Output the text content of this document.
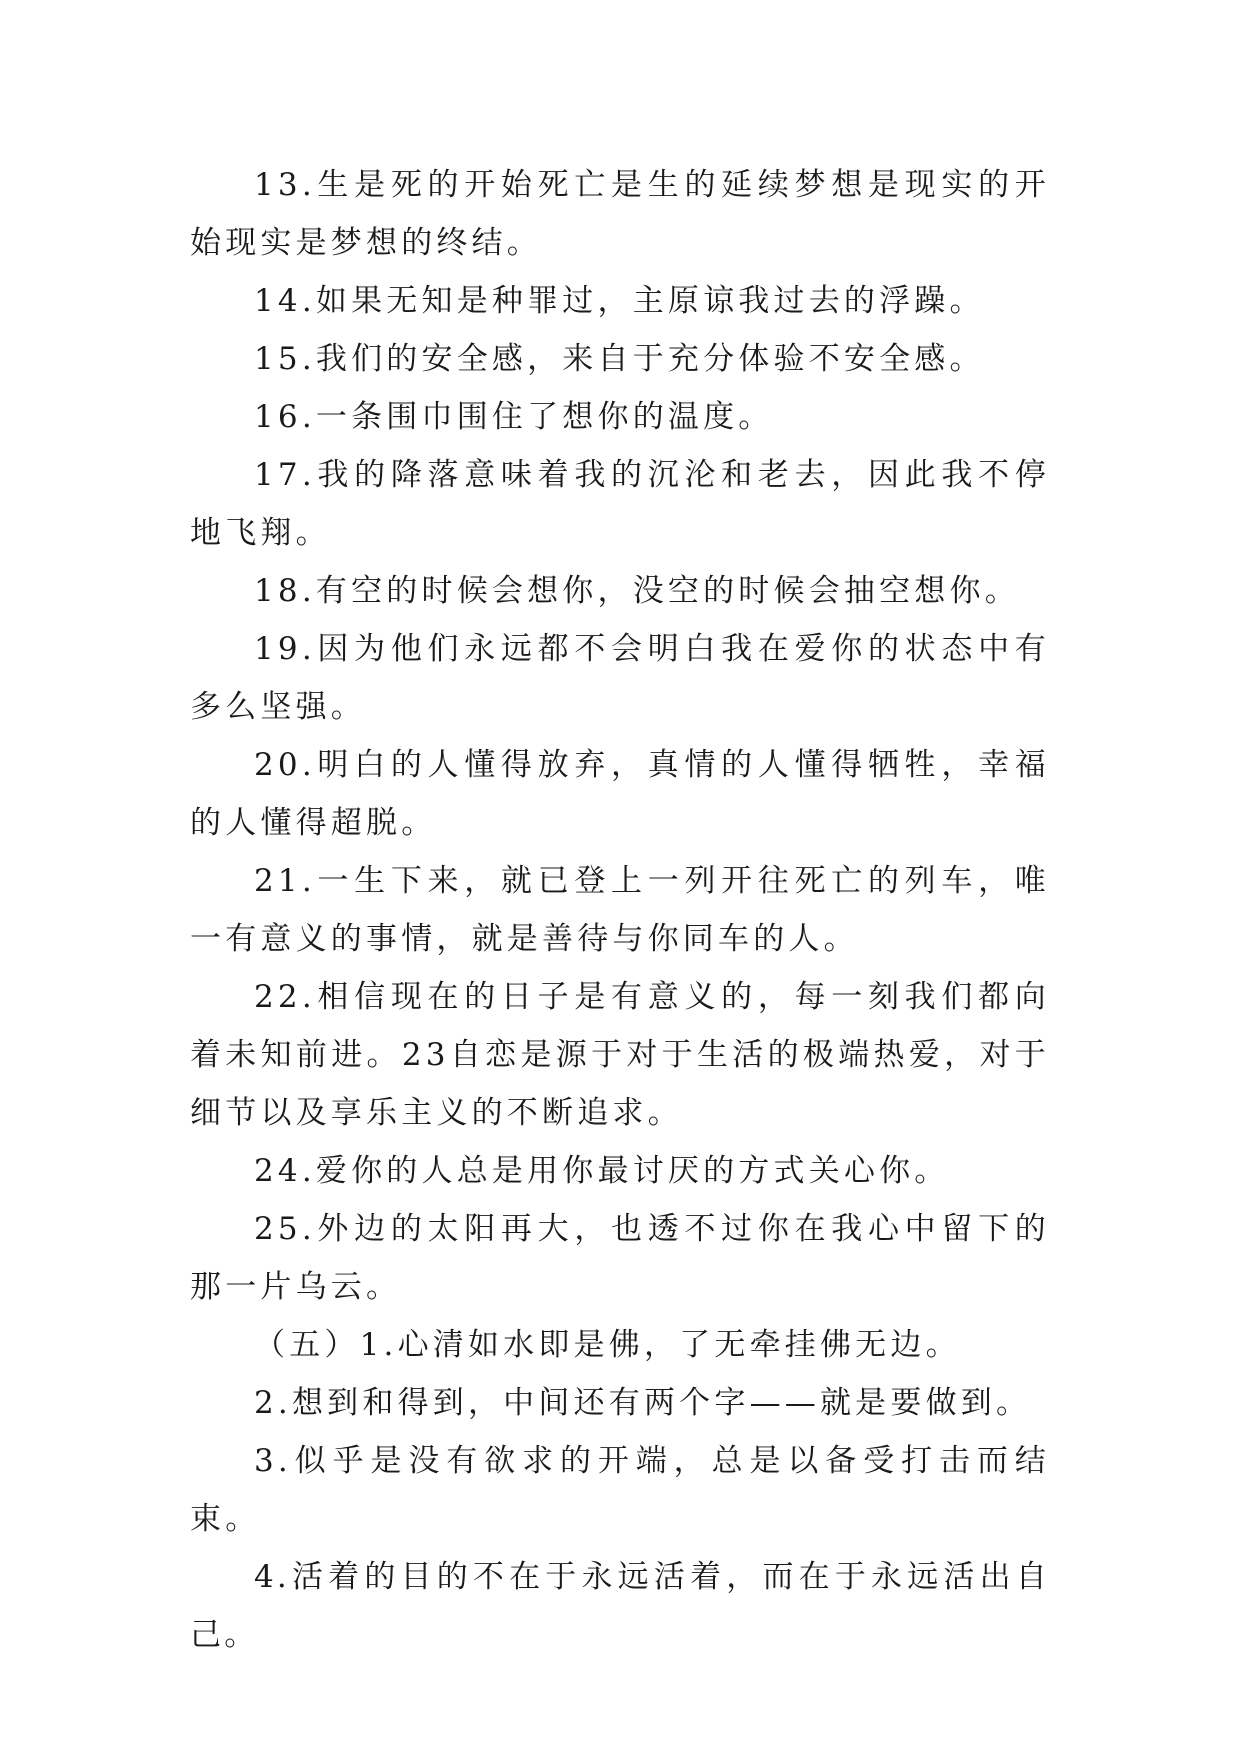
13.生是死的开始死亡是生的延续梦想是现实的开始现实是梦想的终结。

14.如果无知是种罪过，主原谅我过去的浮躁。

15.我们的安全感，来自于充分体验不安全感。

16.一条围巾围住了想你的温度。

17.我的降落意味着我的沉沦和老去，因此我不停地飞翔。

18.有空的时候会想你，没空的时候会抽空想你。

19.因为他们永远都不会明白我在爱你的状态中有多么坚强。

20.明白的人懂得放弃，真情的人懂得牺牲，幸福的人懂得超脱。

21.一生下来，就已登上一列开往死亡的列车，唯一有意义的事情，就是善待与你同车的人。

22.相信现在的日子是有意义的，每一刻我们都向着未知前进。23自恋是源于对于生活的极端热爱，对于细节以及享乐主义的不断追求。

24.爱你的人总是用你最讨厌的方式关心你。

25.外边的太阳再大，也透不过你在我心中留下的那一片乌云。

（五）1.心清如水即是佛，了无牵挂佛无边。

2.想到和得到，中间还有两个字——就是要做到。

3.似乎是没有欲求的开端，总是以备受打击而结束。

4.活着的目的不在于永远活着，而在于永远活出自己。
